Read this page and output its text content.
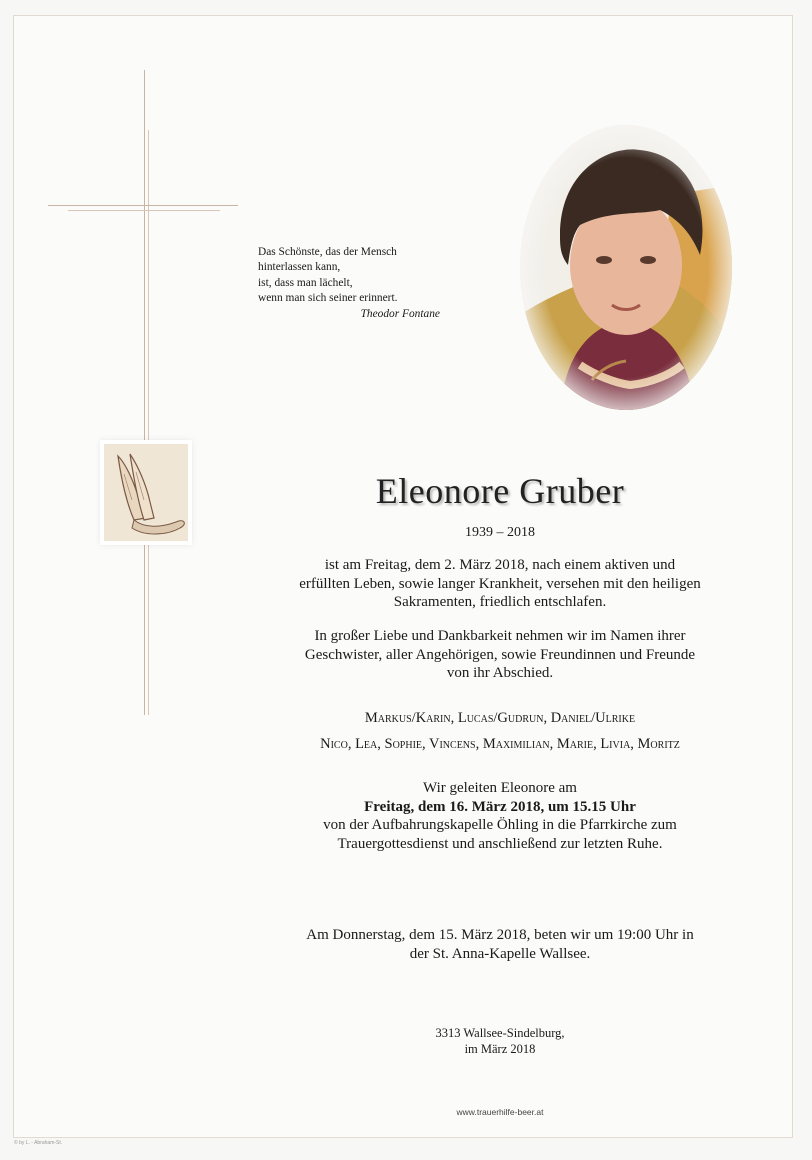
Das Schönste, das der Mensch
hinterlassen kann,
ist, dass man lächelt,
wenn man sich seiner erinnert.
Theodor Fontane
Eleonore Gruber
1939 – 2018
ist am Freitag, dem 2. März 2018, nach einem aktiven und
erfüllten Leben, sowie langer Krankheit, versehen mit den heiligen
Sakramenten, friedlich entschlafen.
In großer Liebe und Dankbarkeit nehmen wir im Namen ihrer
Geschwister, aller Angehörigen, sowie Freundinnen und Freunde
von ihr Abschied.
Markus/Karin, Lucas/Gudrun, Daniel/Ulrike
Nico, Lea, Sophie, Vincens, Maximilian, Marie, Livia, Moritz
Wir geleiten Eleonore am
Freitag, dem 16. März 2018, um 15.15 Uhr
von der Aufbahrungskapelle Öhling in die Pfarrkirche zum
Trauergottesdienst und anschließend zur letzten Ruhe.
Am Donnerstag, dem 15. März 2018, beten wir um 19:00 Uhr in
der St. Anna-Kapelle Wallsee.
3313 Wallsee-Sindelburg,
im März 2018
www.trauerhilfe-beer.at
© by L. - Abraham-St.
